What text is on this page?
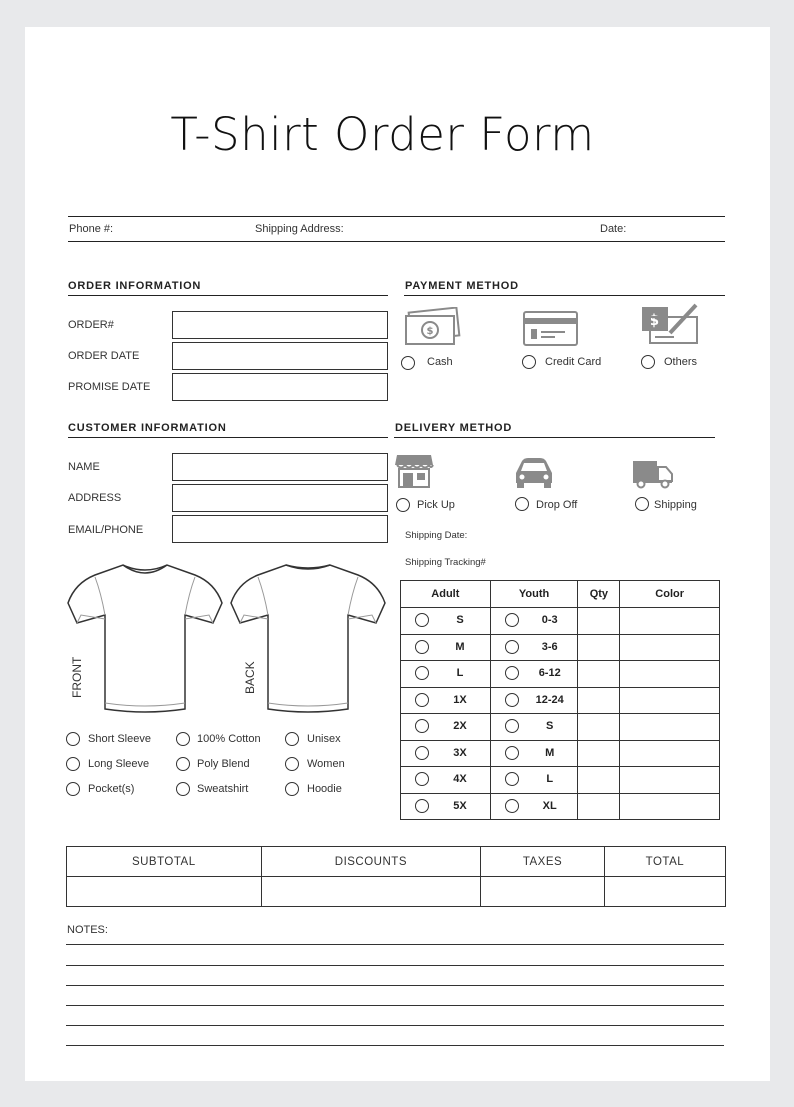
T-Shirt Order Form
Phone #:	Shipping Address:	Date:
ORDER INFORMATION
ORDER#
ORDER DATE
PROMISE DATE
PAYMENT METHOD
$
Cash	Credit Card
$
Others
CUSTOMER INFORMATION
NAME
ADDRESS
EMAIL/PHONE
DELIVERY METHOD
Pick Up	Drop Off	Shipping
Shipping Date:
Shipping Tracking#
FRONT	BACK
Short Sleeve	100% Cotton	Unisex
Long Sleeve	Poly Blend	Women
Pocket(s)	Sweatshirt	Hoodie
Adult	Youth	Qty	Color

S	0-3		

M	3-6		

L	6-12		

1X	12-24		

2X	S		

3X	M		

4X	L		

5X	XL		

SUBTOTAL	DISCOUNTS	TAXES	TOTAL

NOTES:
